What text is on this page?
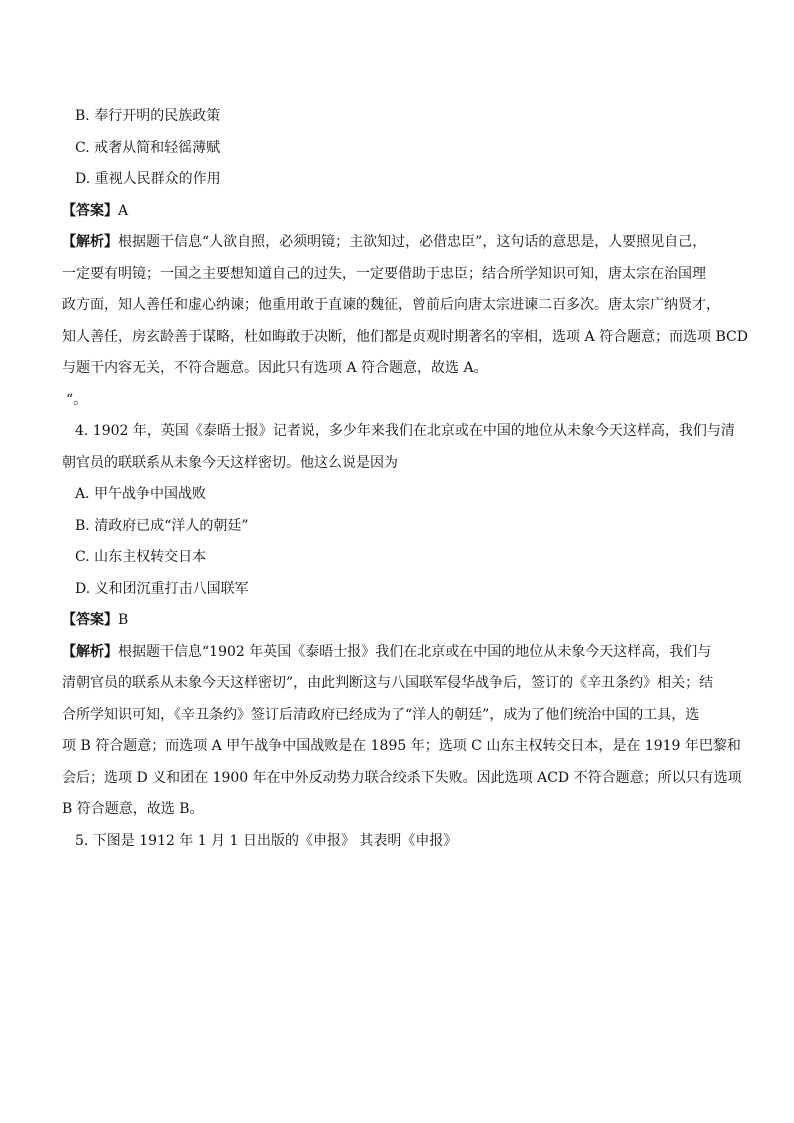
B. 奉行开明的民族政策
C. 戒奢从简和轻徭薄赋
D. 重视人民群众的作用
【答案】A
【解析】根据题干信息“人欲自照，必须明镜；主欲知过，必借忠臣”，这句话的意思是，人要照见自己，
一定要有明镜；一国之主要想知道自己的过失，一定要借助于忠臣；结合所学知识可知，唐太宗在治国理
政方面，知人善任和虚心纳谏；他重用敢于直谏的魏征，曾前后向唐太宗进谏二百多次。唐太宗广纳贤才，
知人善任，房玄龄善于谋略，杜如晦敢于决断，他们都是贞观时期著名的宰相，选项 A 符合题意；而选项 BCD
与题干内容无关，不符合题意。因此只有选项 A 符合题意，故选 A。
“。
4. 1902 年，英国《泰晤士报》记者说，多少年来我们在北京或在中国的地位从未象今天这样高，我们与清
朝官员的联联系从未象今天这样密切。他这么说是因为
A. 甲午战争中国战败
B. 清政府已成“洋人的朝廷”
C. 山东主权转交日本
D. 义和团沉重打击八国联军
【答案】B
【解析】根据题干信息“1902 年英国《泰晤士报》我们在北京或在中国的地位从未象今天这样高，我们与
清朝官员的联系从未象今天这样密切”，由此判断这与八国联军侵华战争后，签订的《辛丑条约》相关；结
合所学知识可知，《辛丑条约》签订后清政府已经成为了“洋人的朝廷”，成为了他们统治中国的工具，选
项 B 符合题意；而选项 A 甲午战争中国战败是在 1895 年；选项 C 山东主权转交日本，是在 1919 年巴黎和
会后；选项 D 义和团在 1900 年在中外反动势力联合绞杀下失败。因此选项 ACD 不符合题意；所以只有选项
B 符合题意，故选 B。
5. 下图是 1912 年 1 月 1 日出版的《申报》 其表明《申报》
